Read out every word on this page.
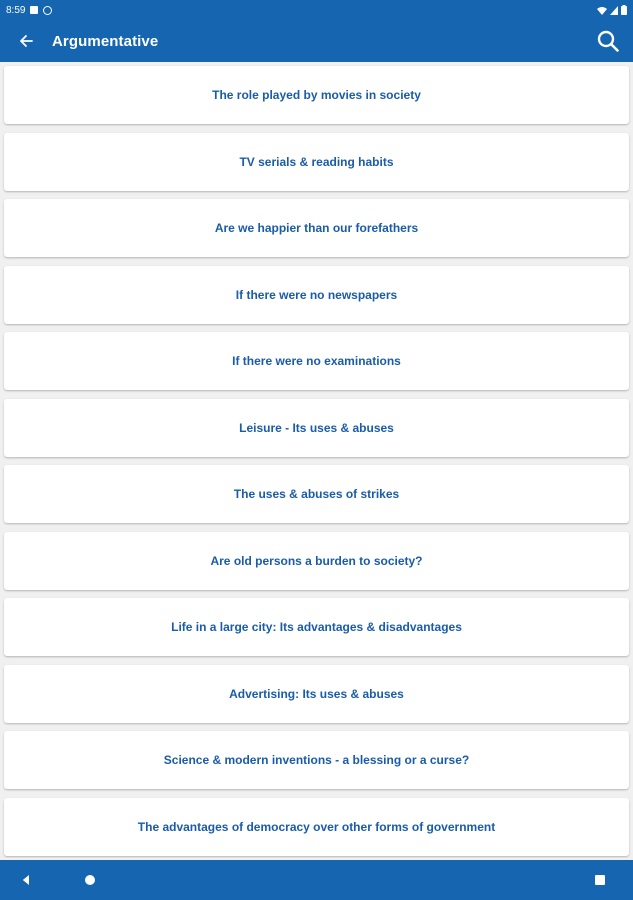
8:59
Argumentative
The role played by movies in society
TV serials & reading habits
Are we happier than our forefathers
If there were no newspapers
If there were no examinations
Leisure - Its uses & abuses
The uses & abuses of strikes
Are old persons a burden to society?
Life in a large city: Its advantages & disadvantages
Advertising: Its uses & abuses
Science & modern inventions - a blessing or a curse?
The advantages of democracy over other forms of government
